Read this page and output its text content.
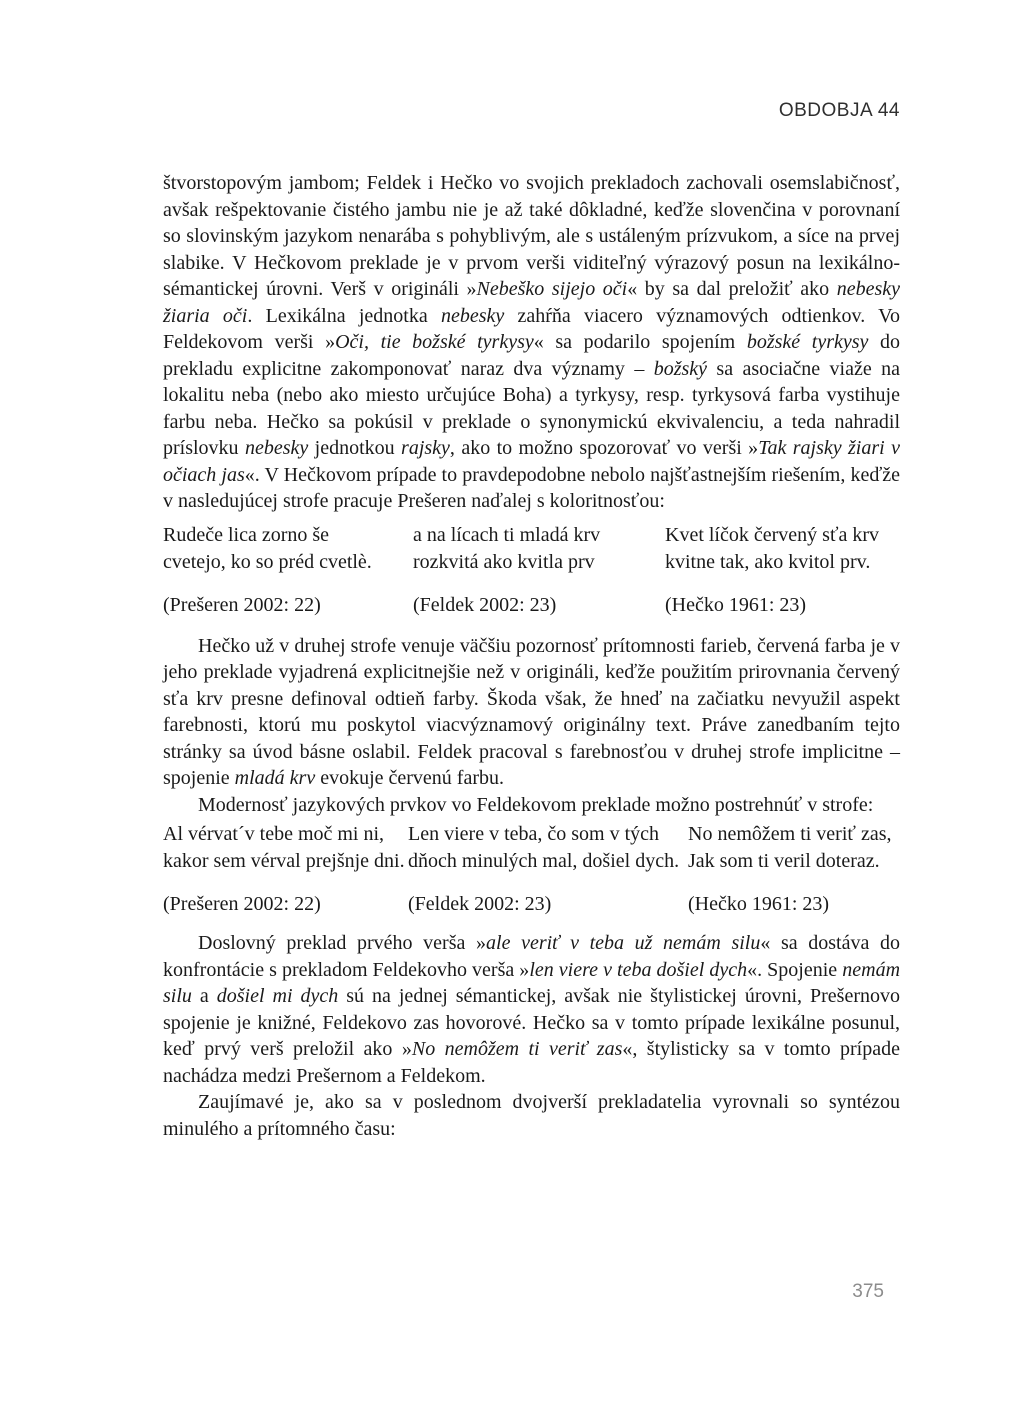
OBDOBJA 44

štvorstopovým jambom; Feldek i Hečko vo svojich prekladoch zachovali osemslabičnosť, avšak rešpektovanie čistého jambu nie je až také dôkladné, keďže slovenčina v porovnaní so slovinským jazykom nenarába s pohyblivým, ale s ustáleným prízvukom, a síce na prvej slabike. V Hečkovom preklade je v prvom verši viditeľný výrazový posun na lexikálno-sémantickej úrovni. Verš v origináli »Nebeško sijejo oči« by sa dal preložiť ako nebesky žiaria oči. Lexikálna jednotka nebesky zahŕňa viacero významových odtienkov. Vo Feldekovom verši »Oči, tie božské tyrkysy« sa podarilo spojením božské tyrkysy do prekladu explicitne zakomponovať naraz dva významy – božský sa asociačne viaže na lokalitu neba (nebo ako miesto určujúce Boha) a tyrkysy, resp. tyrkysová farba vystihuje farbu neba. Hečko sa pokúsil v preklade o synonymickú ekvivalenciu, a teda nahradil príslovku nebesky jednotkou rajsky, ako to možno spozorovať vo verši »Tak rajsky žiari v očiach jas«. V Hečkovom prípade to pravdepodobne nebolo najšťastnejším riešením, keďže v nasledujúcej strofe pracuje Prešeren naďalej s koloritnosťou:

Rudeče lica zorno še
cvetejo, ko so préd cvetlè.
(Prešeren 2002: 22)
a na lícach ti mladá krv
rozkvitá ako kvitla prv
(Feldek 2002: 23)
Kvet líčok červený sťa krv
kvitne tak, ako kvitol prv.
(Hečko 1961: 23)

Hečko už v druhej strofe venuje väčšiu pozornosť prítomnosti farieb, červená farba je v jeho preklade vyjadrená explicitnejšie než v origináli, keďže použitím prirovnania červený sťa krv presne definoval odtieň farby. Škoda však, že hneď na začiatku nevyužil aspekt farebnosti, ktorú mu poskytol viacvýznamový originálny text. Práve zanedbaním tejto stránky sa úvod básne oslabil. Feldek pracoval s farebnosťou v druhej strofe implicitne – spojenie mladá krv evokuje červenú farbu.

Modernosť jazykových prvkov vo Feldekovom preklade možno postrehnúť v strofe:

Al vérvat´v tebe moč mi ni,
kakor sem vérval prejšnje dni.
(Prešeren 2002: 22)
Len viere v teba, čo som v tých
dňoch minulých mal, došiel dych.
(Feldek 2002: 23)
No nemôžem ti veriť zas,
Jak som ti veril doteraz.
(Hečko 1961: 23)

Doslovný preklad prvého verša »ale veriť v teba už nemám silu« sa dostáva do konfrontácie s prekladom Feldekovho verša »len viere v teba došiel dych«. Spojenie nemám silu a došiel mi dych sú na jednej sémantickej, avšak nie štylistickej úrovni, Prešernovo spojenie je knižné, Feldekovo zas hovorové. Hečko sa v tomto prípade lexikálne posunul, keď prvý verš preložil ako »No nemôžem ti veriť zas«, štylisticky sa v tomto prípade nachádza medzi Prešernom a Feldekom.

Zaujímavé je, ako sa v poslednom dvojverší prekladatelia vyrovnali so syntézou minulého a prítomného času:

375
